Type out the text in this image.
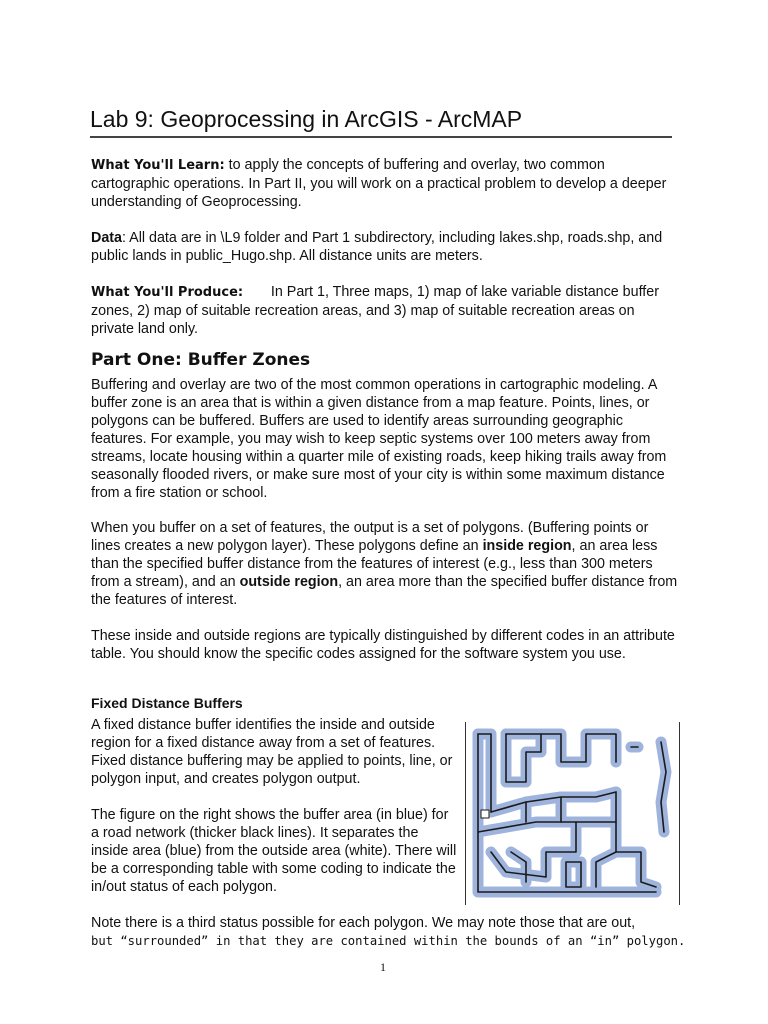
Lab 9: Geoprocessing in ArcGIS - ArcMAP

What You'll Learn: to apply the concepts of buffering and overlay, two common cartographic operations. In Part II, you will work on a practical problem to develop a deeper understanding of Geoprocessing.

Data: All data are in \L9 folder and Part 1 subdirectory, including lakes.shp, roads.shp, and public lands in public_Hugo.shp. All distance units are meters.

What You'll Produce:       In Part 1, Three maps, 1) map of lake variable distance buffer zones, 2) map of suitable recreation areas, and 3) map of suitable recreation areas on private land only.

Part One: Buffer Zones

Buffering and overlay are two of the most common operations in cartographic modeling. A buffer zone is an area that is within a given distance from a map feature. Points, lines, or polygons can be buffered. Buffers are used to identify areas surrounding geographic features. For example, you may wish to keep septic systems over 100 meters away from streams, locate housing within a quarter mile of existing roads, keep hiking trails away from seasonally flooded rivers, or make sure most of your city is within some maximum distance from a fire station or school.

When you buffer on a set of features, the output is a set of polygons. (Buffering points or lines creates a new polygon layer). These polygons define an inside region, an area less than the specified buffer distance from the features of interest (e.g., less than 300 meters from a stream), and an outside region, an area more than the specified buffer distance from the features of interest.

These inside and outside regions are typically distinguished by different codes in an attribute table. You should know the specific codes assigned for the software system you use.

Fixed Distance Buffers

A fixed distance buffer identifies the inside and outside region for a fixed distance away from a set of features. Fixed distance buffering may be applied to points, line, or polygon input, and creates polygon output.

The figure on the right shows the buffer area (in blue) for a road network (thicker black lines). It separates the inside area (blue) from the outside area (white). There will be a corresponding table with some coding to indicate the in/out status of each polygon.

Note there is a third status possible for each polygon. We may note those that are out,

but “surrounded” in that they are contained within the bounds of an “in” polygon.

1
